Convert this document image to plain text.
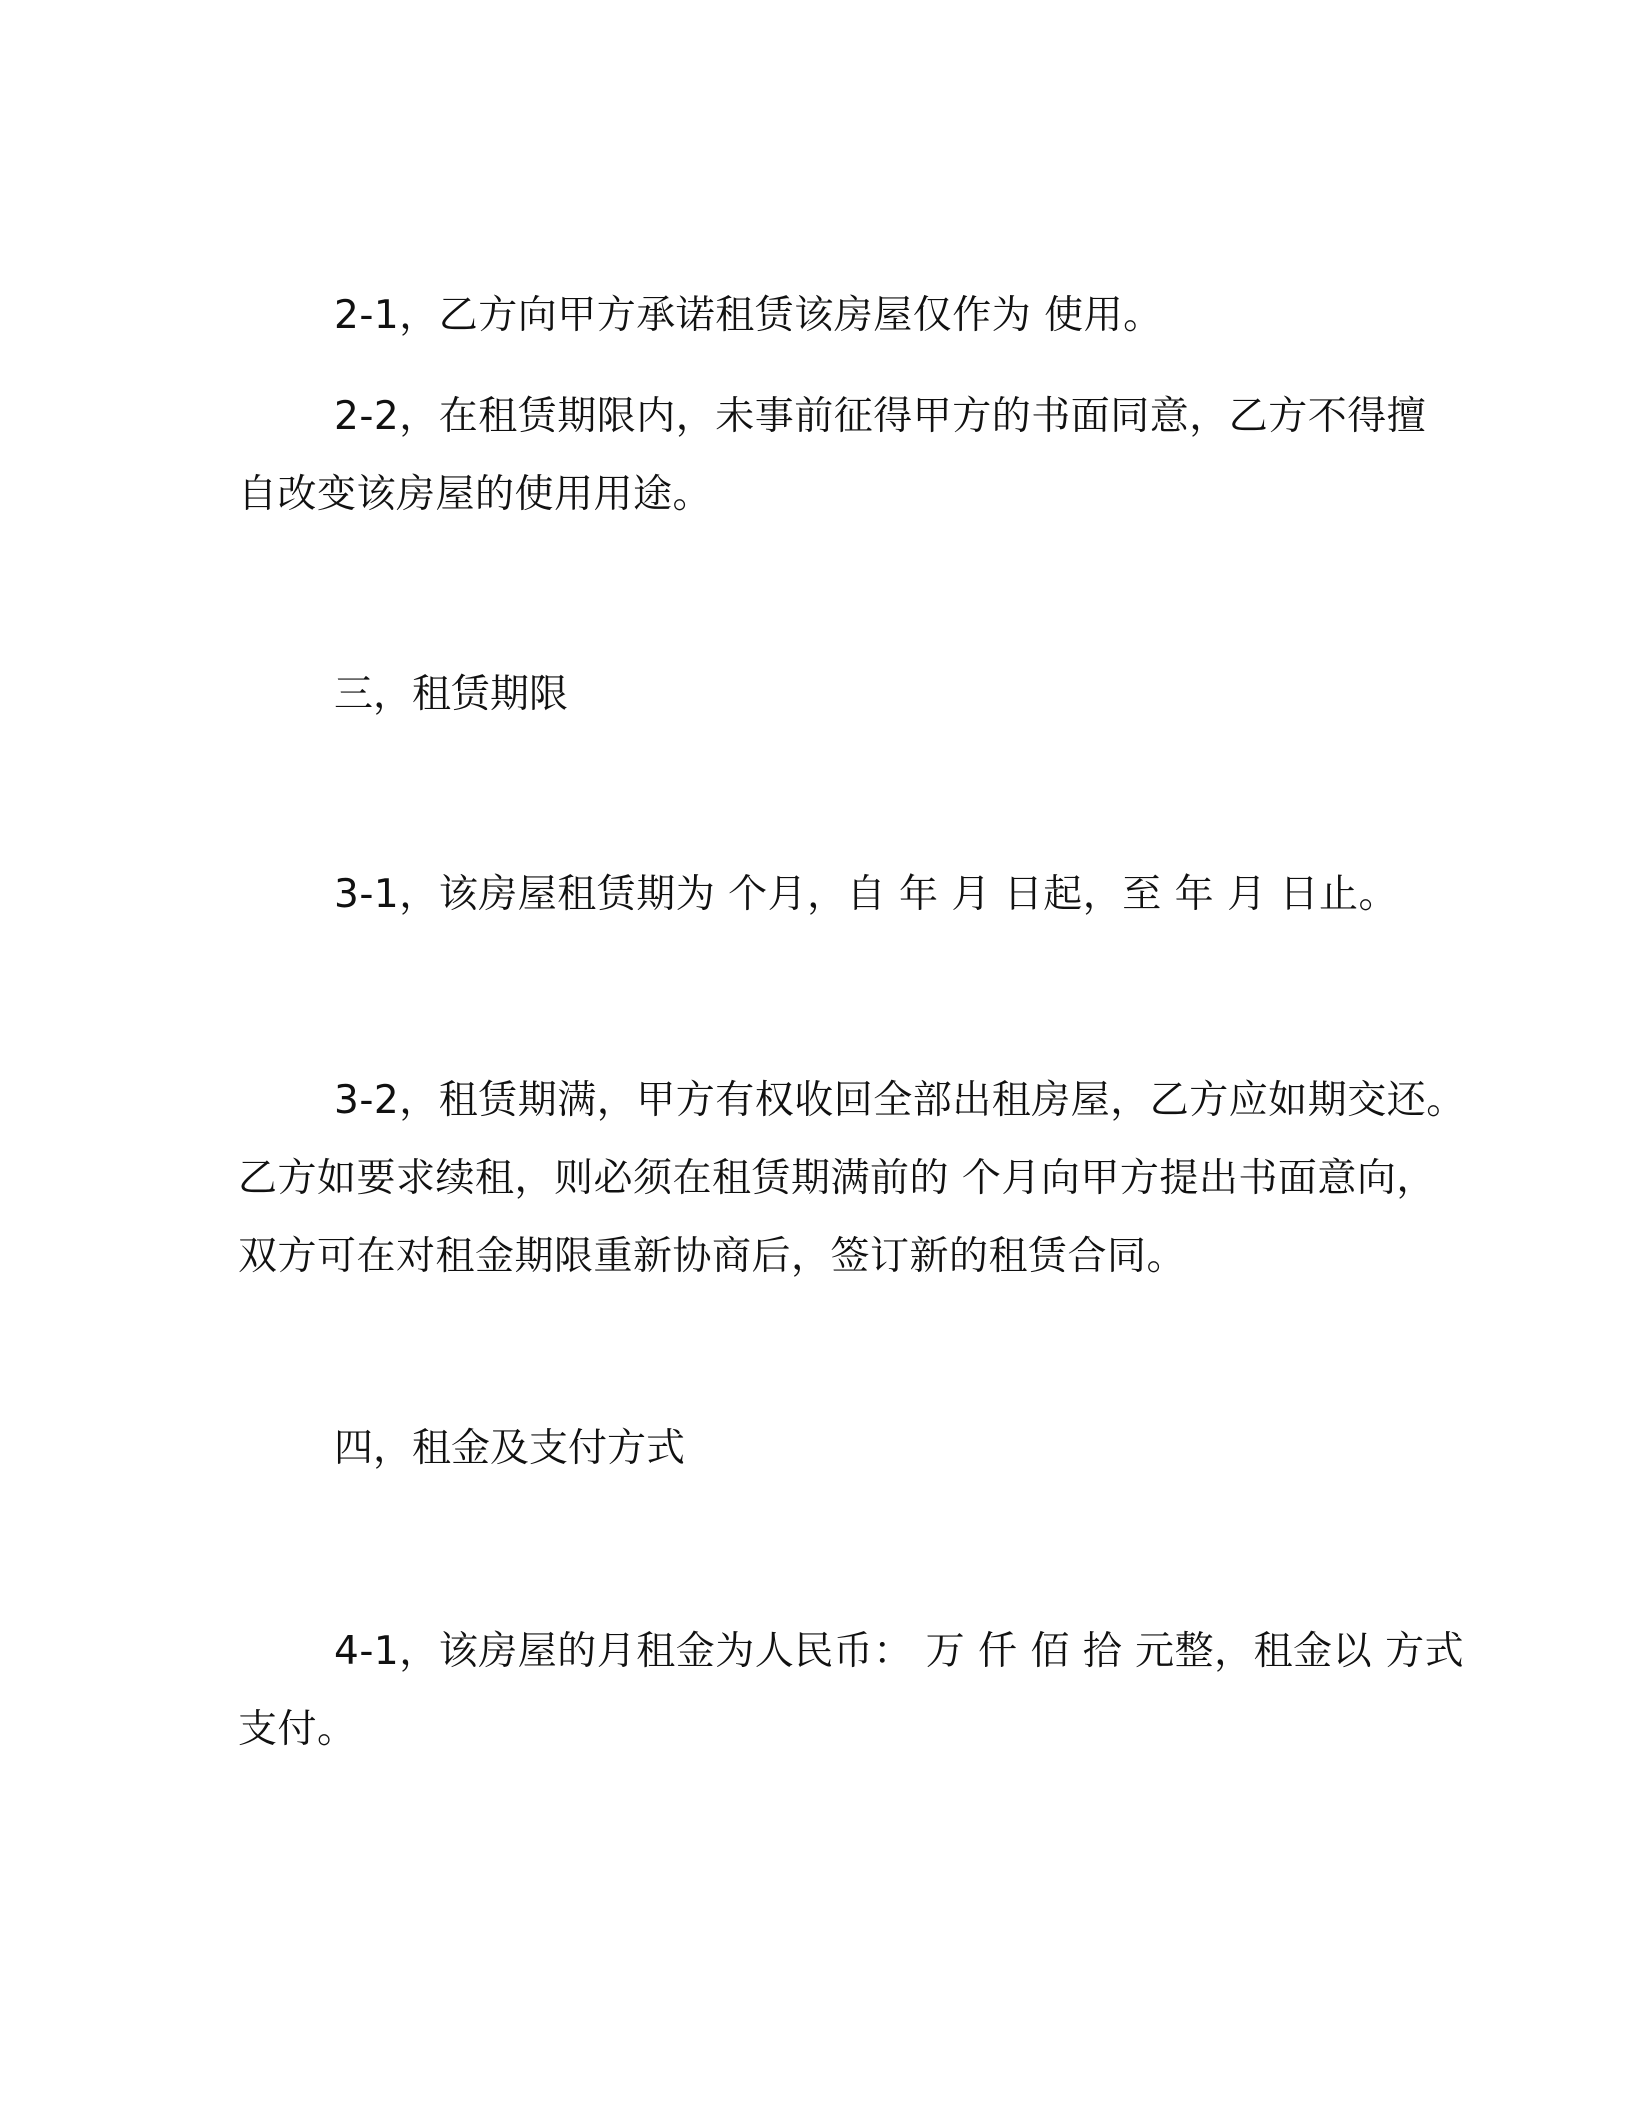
2-1，乙方向甲方承诺租赁该房屋仅作为 使用。

2-2，在租赁期限内，未事前征得甲方的书面同意，乙方不得擅
自改变该房屋的使用用途。

三，租赁期限

3-1，该房屋租赁期为 个月，自 年 月 日起，至 年 月 日止。

3-2，租赁期满，甲方有权收回全部出租房屋，乙方应如期交还。
乙方如要求续租，则必须在租赁期满前的 个月向甲方提出书面意向，
双方可在对租金期限重新协商后，签订新的租赁合同。

四，租金及支付方式

4-1，该房屋的月租金为人民币： 万 仟 佰 拾 元整，租金以 方式
支付。
